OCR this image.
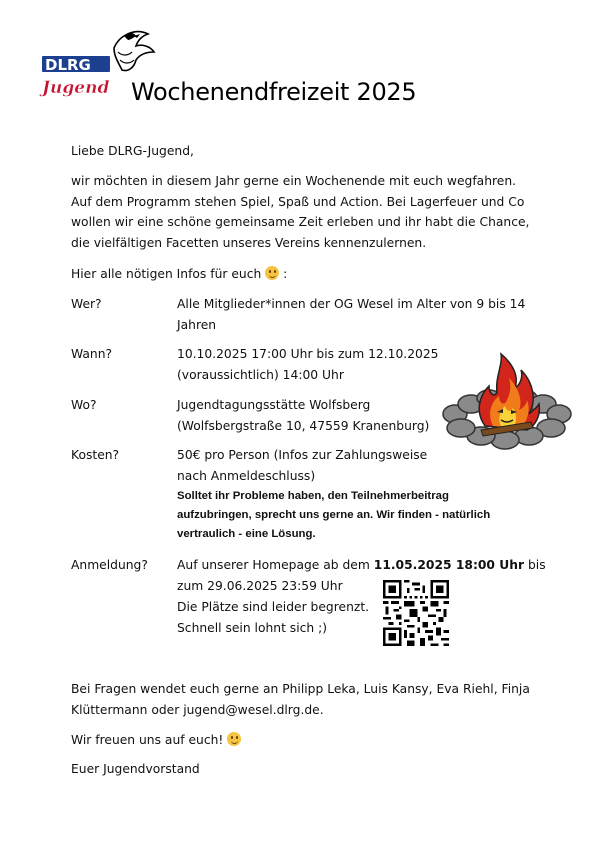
DLRG
Jugend Wochenendfreizeit 2025
Liebe DLRG-Jugend,
wir möchten in diesem Jahr gerne ein Wochenende mit euch wegfahren.
Auf dem Programm stehen Spiel, Spaß und Action. Bei Lagerfeuer und Co
wollen wir eine schöne gemeinsame Zeit erleben und ihr habt die Chance,
die vielfältigen Facetten unseres Vereins kennenzulernen.
Hier alle nötigen Infos für euch  :
Wer?	Alle Mitglieder*innen der OG Wesel im Alter von 9 bis 14
Jahren
Wann?	10.10.2025 17:00 Uhr bis zum 12.10.2025
(voraussichtlich) 14:00 Uhr
Wo?	Jugendtagungsstätte Wolfsberg
(Wolfsbergstraße 10, 47559 Kranenburg)
Kosten?	50€ pro Person (Infos zur Zahlungsweise
nach Anmeldeschluss)
Solltet ihr Probleme haben, den Teilnehmerbeitrag
aufzubringen, sprecht uns gerne an. Wir finden - natürlich
vertraulich - eine Lösung.
Anmeldung? Auf unserer Homepage ab dem 11.05.2025 18:00 Uhr bis
zum 29.06.2025 23:59 Uhr
Die Plätze sind leider begrenzt.
Schnell sein lohnt sich ;)
Bei Fragen wendet euch gerne an Philipp Leka, Luis Kansy, Eva Riehl, Finja
Klüttermann oder jugend@wesel.dlrg.de.
Wir freuen uns auf euch!
Euer Jugendvorstand
